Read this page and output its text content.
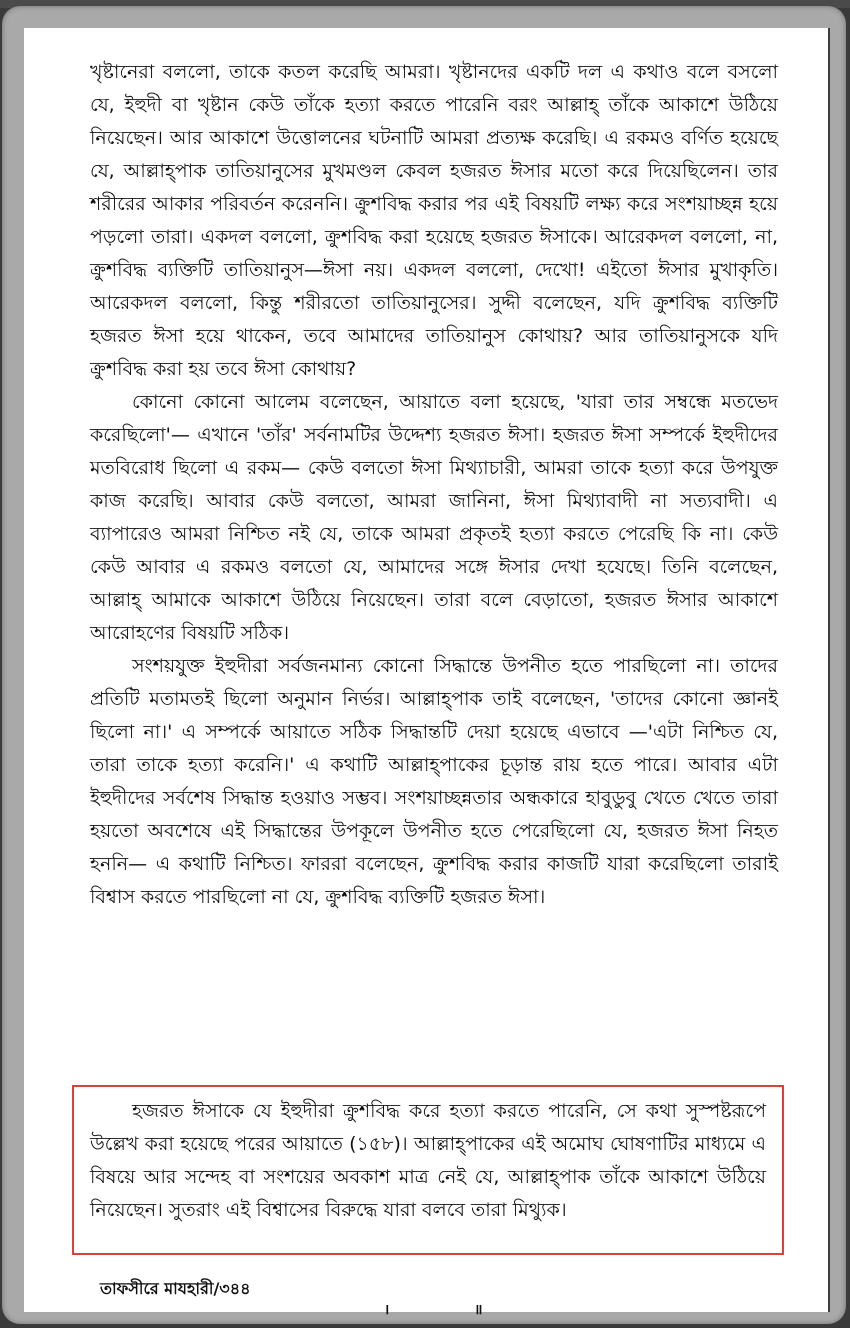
খৃষ্টানেরা বললো, তাকে কতল করেছি আমরা। খৃষ্টানদের একটি দল এ কথাও বলে বসলো যে, ইহুদী বা খৃষ্টান কেউ তাঁকে হত্যা করতে পারেনি বরং আল্লাহ্ তাঁকে আকাশে উঠিয়ে নিয়েছেন। আর আকাশে উত্তোলনের ঘটনাটি আমরা প্রত্যক্ষ করেছি। এ রকমও বর্ণিত হয়েছে যে, আল্লাহ্পাক তাতিয়ানুসের মুখমণ্ডল কেবল হজরত ঈসার মতো করে দিয়েছিলেন। তার শরীরের আকার পরিবর্তন করেননি। ক্রুশবিদ্ধ করার পর এই বিষয়টি লক্ষ্য করে সংশয়াচ্ছন্ন হয়ে পড়লো তারা। একদল বললো, ক্রুশবিদ্ধ করা হয়েছে হজরত ঈসাকে। আরেকদল বললো, না, ক্রুশবিদ্ধ ব্যক্তিটি তাতিয়ানুস—ঈসা নয়। একদল বললো, দেখো! এইতো ঈসার মুখাকৃতি। আরেকদল বললো, কিন্তু শরীরতো তাতিয়ানুসের। সুদ্দী বলেছেন, যদি ক্রুশবিদ্ধ ব্যক্তিটি হজরত ঈসা হয়ে থাকেন, তবে আমাদের তাতিয়ানুস কোথায়? আর তাতিয়ানুসকে যদি ক্রুশবিদ্ধ করা হয় তবে ঈসা কোথায়?

কোনো কোনো আলেম বলেছেন, আয়াতে বলা হয়েছে, 'যারা তার সম্বন্ধে মতভেদ করেছিলো'— এখানে 'তাঁর' সর্বনামটির উদ্দেশ্য হজরত ঈসা। হজরত ঈসা সম্পর্কে ইহুদীদের মতবিরোধ ছিলো এ রকম— কেউ বলতো ঈসা মিথ্যাচারী, আমরা তাকে হত্যা করে উপযুক্ত কাজ করেছি। আবার কেউ বলতো, আমরা জানিনা, ঈসা মিথ্যাবাদী না সত্যবাদী। এ ব্যাপারেও আমরা নিশ্চিত নই যে, তাকে আমরা প্রকৃতই হত্যা করতে পেরেছি কি না। কেউ কেউ আবার এ রকমও বলতো যে, আমাদের সঙ্গে ঈসার দেখা হযেছে। তিনি বলেছেন, আল্লাহ্ আমাকে আকাশে উঠিয়ে নিয়েছেন। তারা বলে বেড়াতো, হজরত ঈসার আকাশে আরোহণের বিষয়টি সঠিক।

সংশয়যুক্ত ইহুদীরা সর্বজনমান্য কোনো সিদ্ধান্তে উপনীত হতে পারছিলো না। তাদের প্রতিটি মতামতই ছিলো অনুমান নির্ভর। আল্লাহ্পাক তাই বলেছেন, 'তাদের কোনো জ্ঞানই ছিলো না।' এ সম্পর্কে আয়াতে সঠিক সিদ্ধান্তটি দেয়া হয়েছে এভাবে —'এটা নিশ্চিত যে, তারা তাকে হত্যা করেনি।' এ কথাটি আল্লাহ্পাকের চূড়ান্ত রায় হতে পারে। আবার এটা ইহুদীদের সর্বশেষ সিদ্ধান্ত হওয়াও সম্ভব। সংশয়াচ্ছন্নতার অন্ধকারে হাবুডুবু খেতে খেতে তারা হয়তো অবশেষে এই সিদ্ধান্তের উপকূলে উপনীত হতে পেরেছিলো যে, হজরত ঈসা নিহত হননি— এ কথাটি নিশ্চিত। ফাররা বলেছেন, ক্রুশবিদ্ধ করার কাজটি যারা করেছিলো তারাই বিশ্বাস করতে পারছিলো না যে, ক্রুশবিদ্ধ ব্যক্তিটি হজরত ঈসা।

হজরত ঈসাকে যে ইহুদীরা ক্রুশবিদ্ধ করে হত্যা করতে পারেনি, সে কথা সুস্পষ্টরূপে উল্লেখ করা হয়েছে পরের আয়াতে (১৫৮)। আল্লাহ্পাকের এই অমোঘ ঘোষণাটির মাধ্যমে এ বিষয়ে আর সন্দেহ বা সংশয়ের অবকাশ মাত্র নেই যে, আল্লাহ্পাক তাঁকে আকাশে উঠিয়ে নিয়েছেন। সুতরাং এই বিশ্বাসের বিরুদ্ধে যারা বলবে তারা মিথ্যুক।

তাফসীরে মাযহারী/৩৪৪
। ॥
